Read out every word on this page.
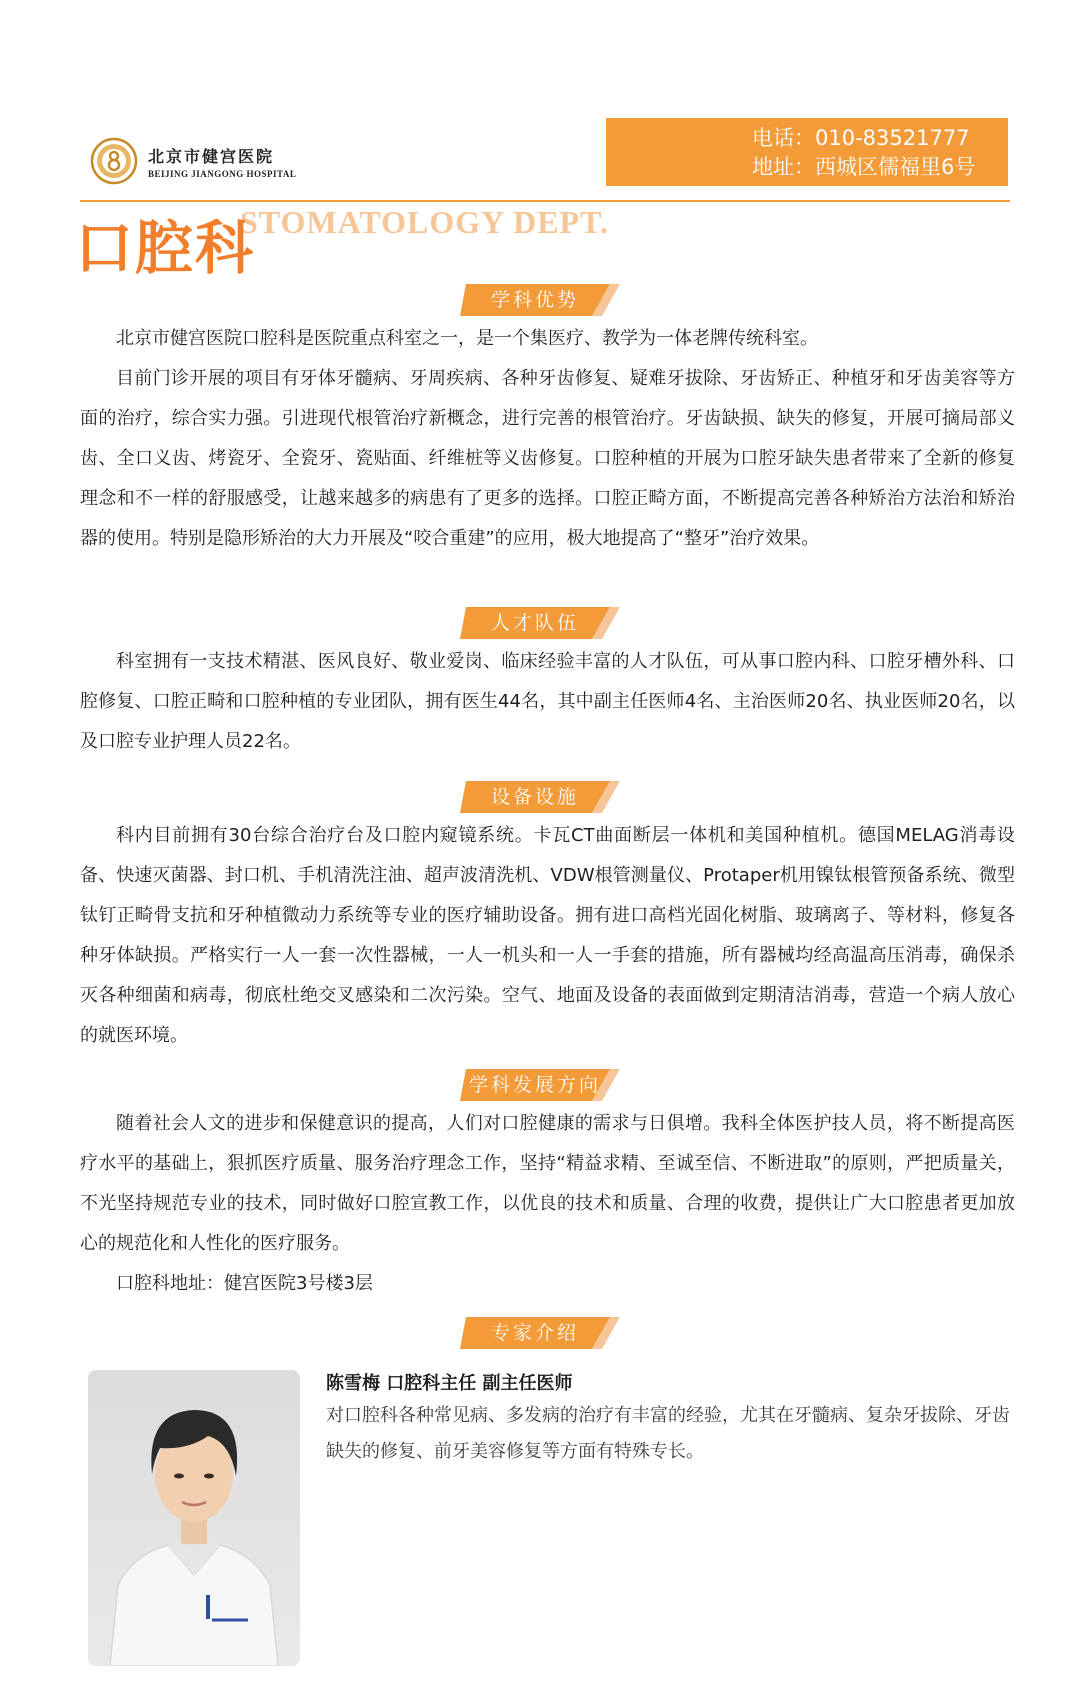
北京市健宫医院
BEIJING JIANGONG HOSPITAL
电话：010-83521777
地址：西城区儒福里6号
STOMATOLOGY DEPT.
口腔科
学科优势

北京市健宫医院口腔科是医院重点科室之一，是一个集医疗、教学为一体老牌传统科室。

目前门诊开展的项目有牙体牙髓病、牙周疾病、各种牙齿修复、疑难牙拔除、牙齿矫正、种植牙和牙齿美容等方面的治疗，综合实力强。引进现代根管治疗新概念，进行完善的根管治疗。牙齿缺损、缺失的修复，开展可摘局部义齿、全口义齿、烤瓷牙、全瓷牙、瓷贴面、纤维桩等义齿修复。口腔种植的开展为口腔牙缺失患者带来了全新的修复理念和不一样的舒服感受，让越来越多的病患有了更多的选择。口腔正畸方面，不断提高完善各种矫治方法治和矫治器的使用。特别是隐形矫治的大力开展及“咬合重建”的应用，极大地提高了“整牙”治疗效果。

人才队伍

科室拥有一支技术精湛、医风良好、敬业爱岗、临床经验丰富的人才队伍，可从事口腔内科、口腔牙槽外科、口腔修复、口腔正畸和口腔种植的专业团队，拥有医生44名，其中副主任医师4名、主治医师20名、执业医师20名，以及口腔专业护理人员22名。

设备设施

科内目前拥有30台综合治疗台及口腔内窥镜系统。卡瓦CT曲面断层一体机和美国种植机。德国MELAG消毒设备、快速灭菌器、封口机、手机清洗注油、超声波清洗机、VDW根管测量仪、Protaper机用镍钛根管预备系统、微型钛钉正畸骨支抗和牙种植微动力系统等专业的医疗辅助设备。拥有进口高档光固化树脂、玻璃离子、等材料，修复各种牙体缺损。严格实行一人一套一次性器械，一人一机头和一人一手套的措施，所有器械均经高温高压消毒，确保杀灭各种细菌和病毒，彻底杜绝交叉感染和二次污染。空气、地面及设备的表面做到定期清洁消毒，营造一个病人放心的就医环境。

学科发展方向

随着社会人文的进步和保健意识的提高，人们对口腔健康的需求与日俱增。我科全体医护技人员，将不断提高医疗水平的基础上，狠抓医疗质量、服务治疗理念工作，坚持“精益求精、至诚至信、不断进取”的原则，严把质量关，不光坚持规范专业的技术，同时做好口腔宣教工作，以优良的技术和质量、合理的收费，提供让广大口腔患者更加放心的规范化和人性化的医疗服务。

口腔科地址：健宫医院3号楼3层

专家介绍
陈雪梅 口腔科主任 副主任医师
对口腔科各种常见病、多发病的治疗有丰富的经验，尤其在牙髓病、复杂牙拔除、牙齿缺失的修复、前牙美容修复等方面有特殊专长。
